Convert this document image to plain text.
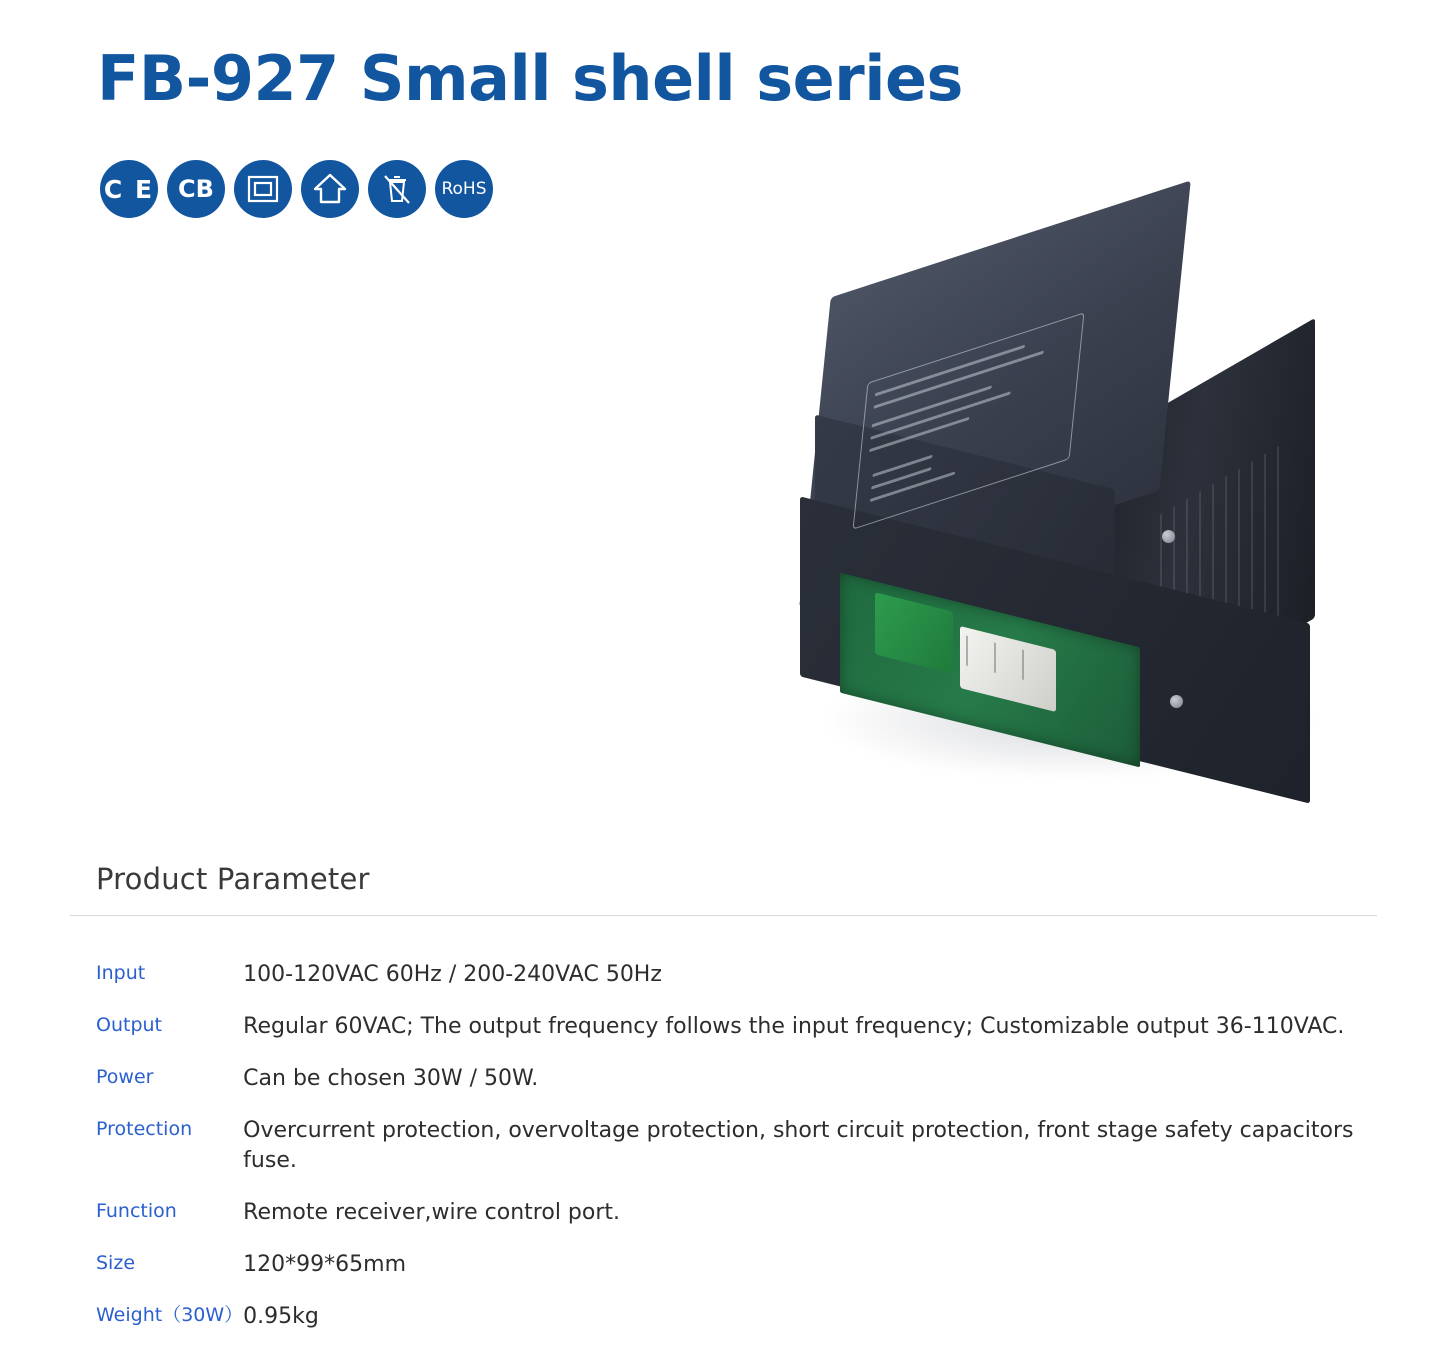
FB-927 Small shell series
C E CB	RoHS
Product Parameter
Input	100-120VAC 60Hz / 200-240VAC 50Hz
Output	Regular 60VAC; The output frequency follows the input frequency; Customizable output 36-110VAC.
Power	Can be chosen 30W / 50W.
Protection	Overcurrent protection, overvoltage protection, short circuit protection, front stage safety capacitors fuse.
Function	Remote receiver,wire control port.
Size	120*99*65mm
Weight（30W）	0.95kg
